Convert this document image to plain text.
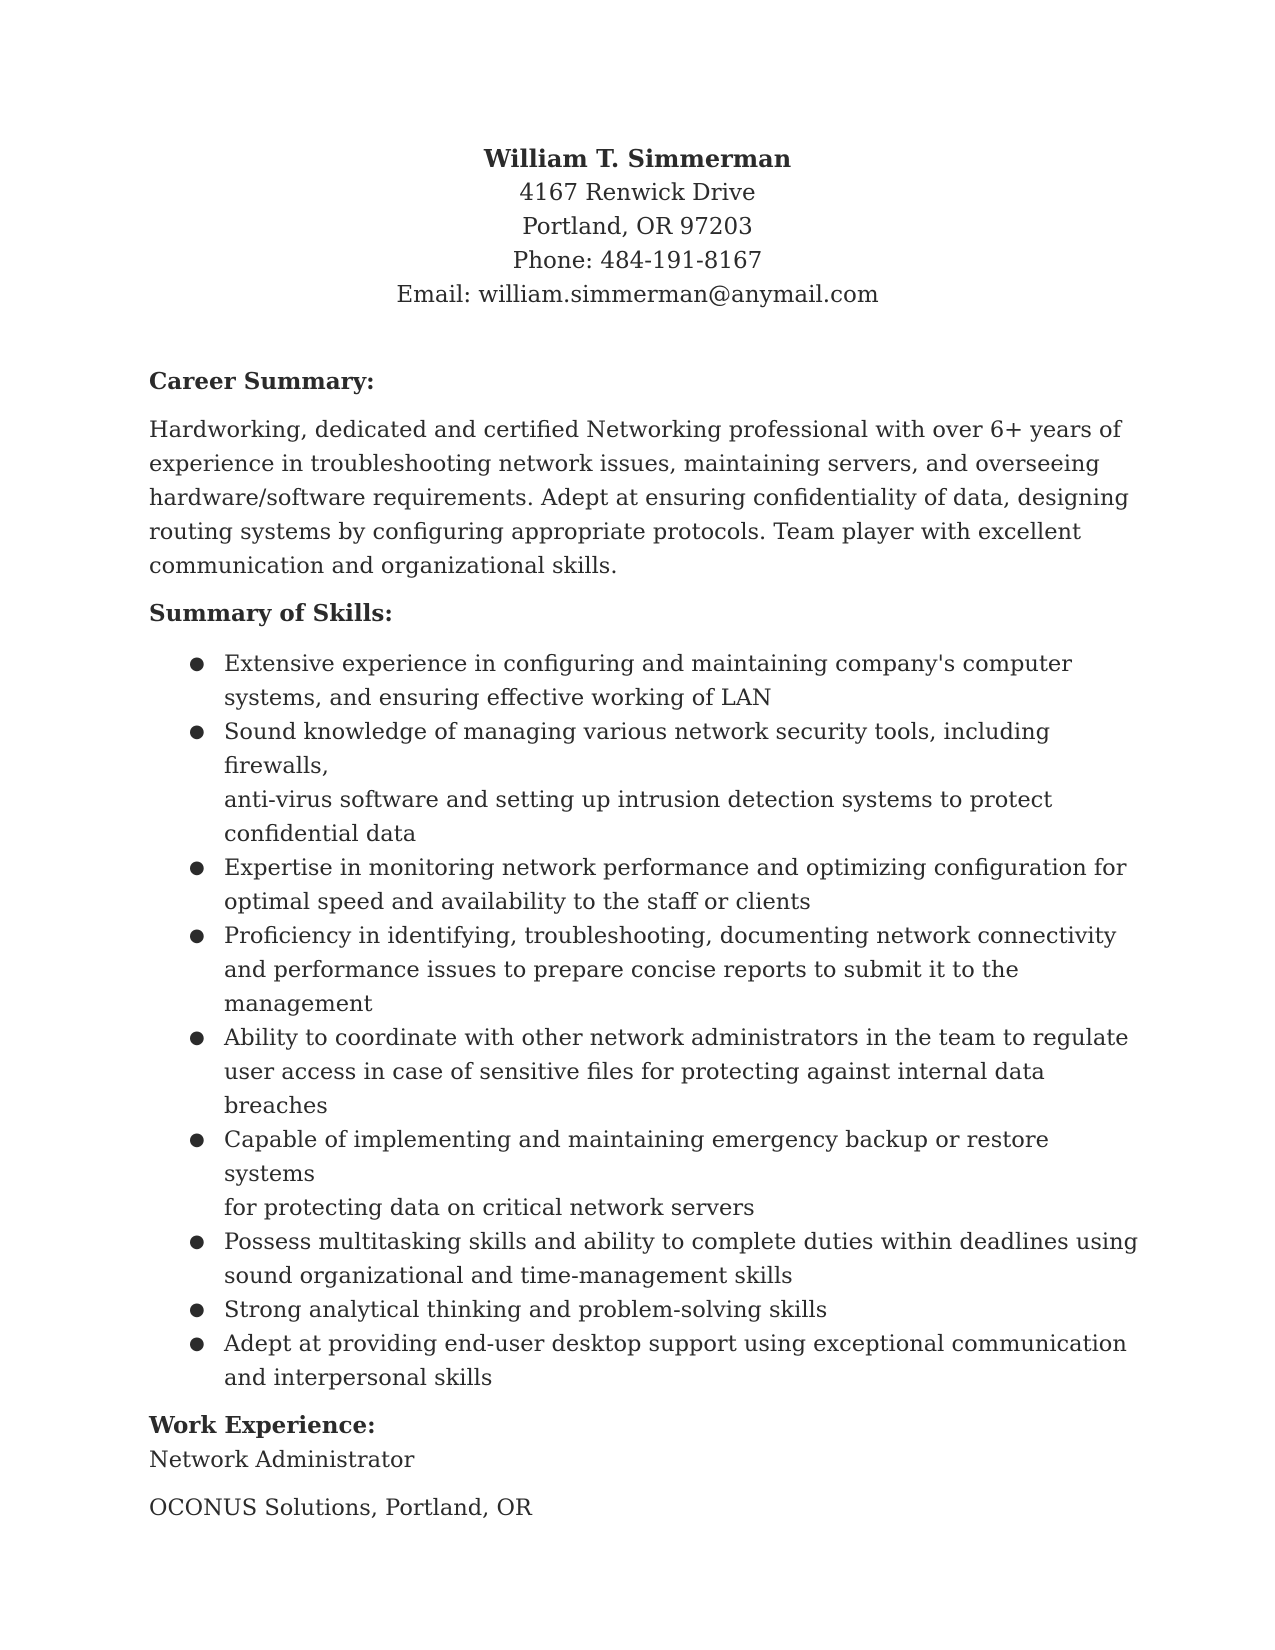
William T. Simmerman
4167 Renwick Drive
Portland, OR 97203
Phone: 484-191-8167
Email: william.simmerman@anymail.com

Career Summary:

Hardworking, dedicated and certified Networking professional with over 6+ years of
experience in troubleshooting network issues, maintaining servers, and overseeing
hardware/software requirements. Adept at ensuring confidentiality of data, designing
routing systems by configuring appropriate protocols. Team player with excellent
communication and organizational skills.

Summary of Skills:

● Extensive experience in configuring and maintaining company's computer
systems, and ensuring effective working of LAN
● Sound knowledge of managing various network security tools, including firewalls,
anti-virus software and setting up intrusion detection systems to protect
confidential data
● Expertise in monitoring network performance and optimizing configuration for
optimal speed and availability to the staff or clients
● Proficiency in identifying, troubleshooting, documenting network connectivity
and performance issues to prepare concise reports to submit it to the
management
● Ability to coordinate with other network administrators in the team to regulate
user access in case of sensitive files for protecting against internal data breaches
● Capable of implementing and maintaining emergency backup or restore systems
for protecting data on critical network servers
● Possess multitasking skills and ability to complete duties within deadlines using
sound organizational and time-management skills
● Strong analytical thinking and problem-solving skills
● Adept at providing end-user desktop support using exceptional communication
and interpersonal skills

Work Experience:

Network Administrator
OCONUS Solutions, Portland, OR
